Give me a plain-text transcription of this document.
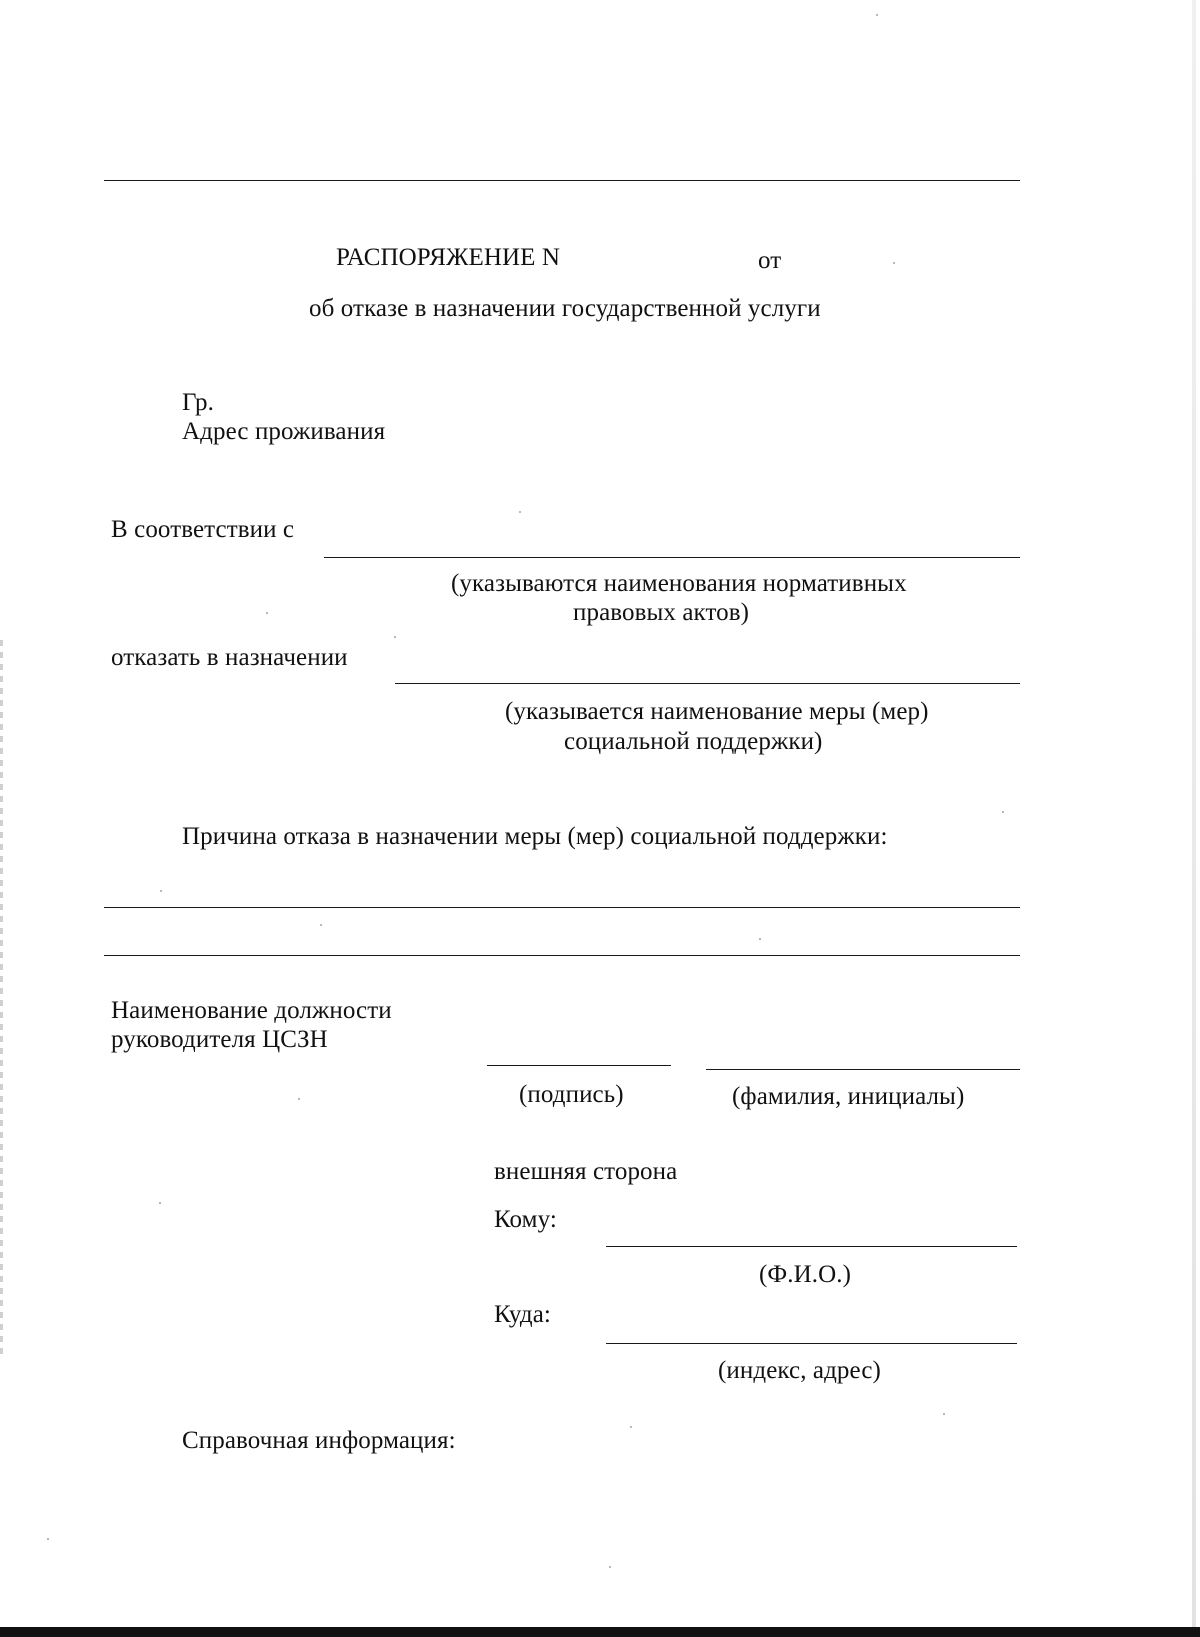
РАСПОРЯЖЕНИЕ N	от
об отказе в назначении государственной услуги
Гр.
Адрес проживания
В соответствии с
(указываются наименования нормативных
правовых актов)
отказать в назначении
(указывается наименование меры (мер)
социальной поддержки)
Причина отказа в назначении меры (мер) социальной поддержки:
Наименование должности
руководителя ЦСЗН
(подпись)	(фамилия, инициалы)
внешняя сторона
Кому:
(Ф.И.О.)
Куда:
(индекс, адрес)
Справочная информация:
